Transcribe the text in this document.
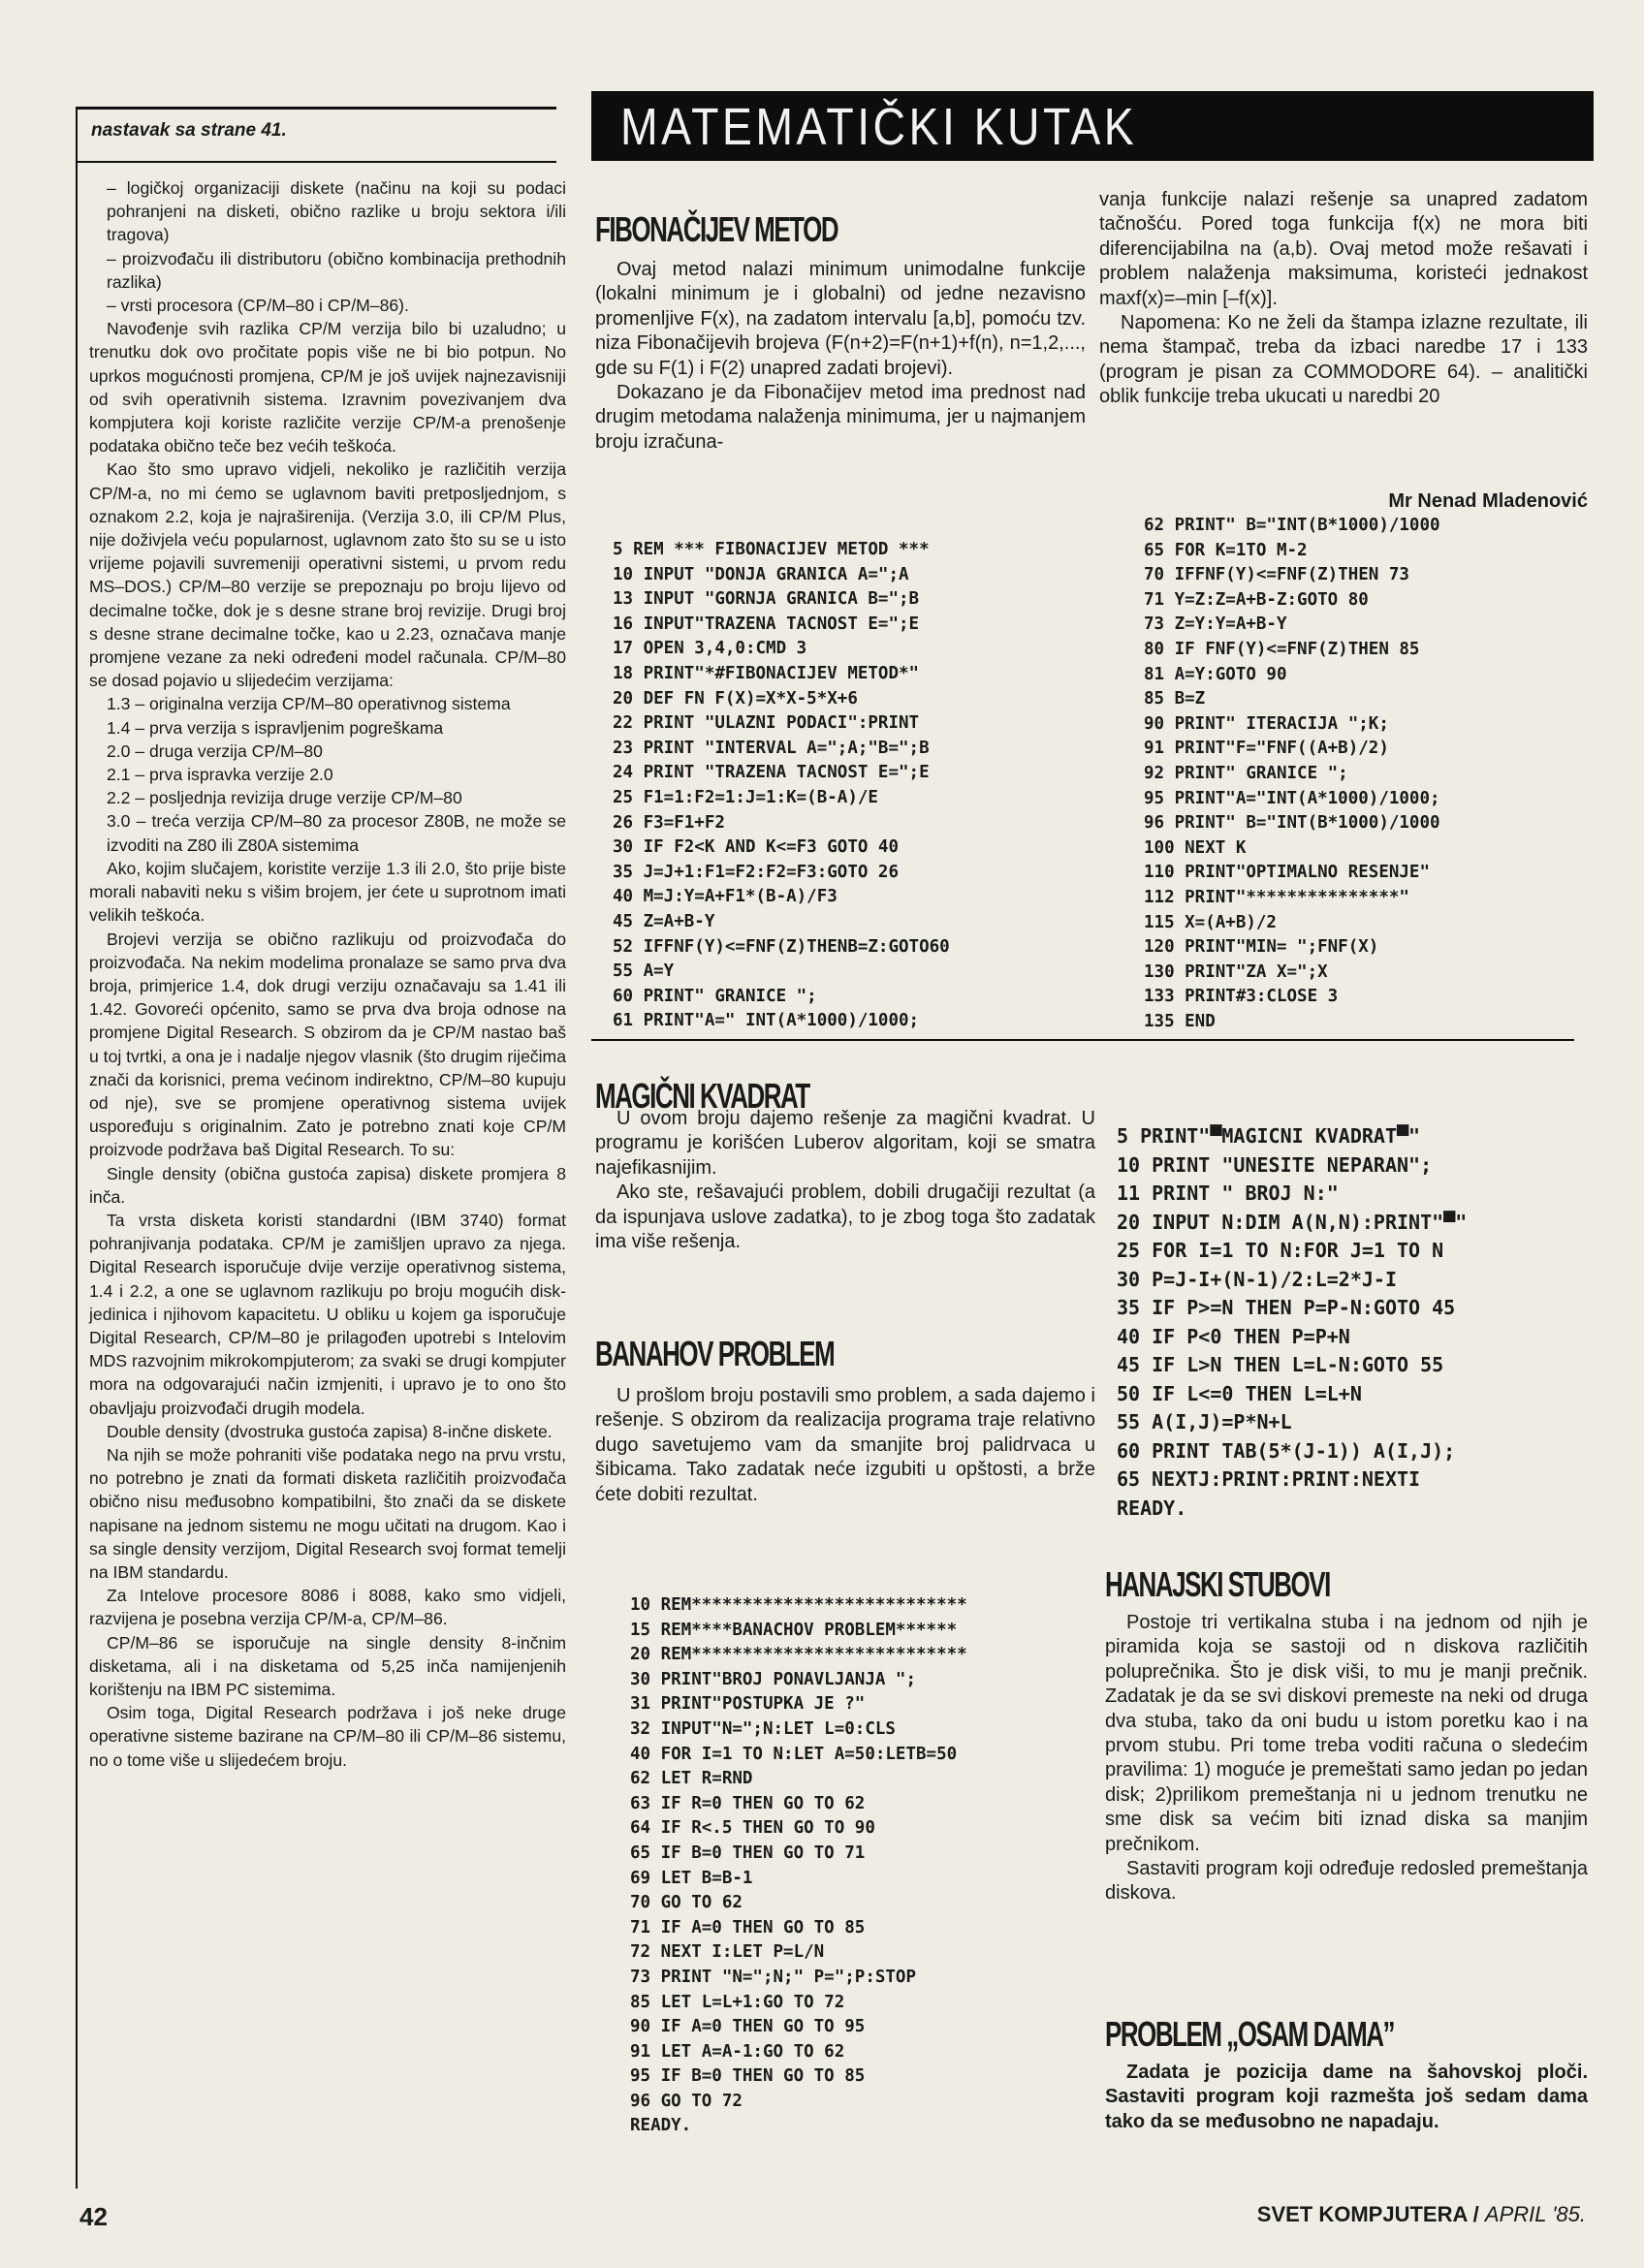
nastavak sa strane 41.

– logičkoj organizaciji diskete (načinu na koji su podaci pohranjeni na disketi, obično razlike u broju sektora i/ili tragova)

– proizvođaču ili distributoru (obično kombinacija prethodnih razlika)

– vrsti procesora (CP/M–80 i CP/M–86).

Navođenje svih razlika CP/M verzija bilo bi uzaludno; u trenutku dok ovo pročitate popis više ne bi bio potpun. No uprkos mogućnosti promjena, CP/M je još uvijek najnezavisniji od svih operativnih sistema. Izravnim povezivanjem dva kompjutera koji koriste različite verzije CP/M-a prenošenje podataka obično teče bez većih teškoća.

Kao što smo upravo vidjeli, nekoliko je različitih verzija CP/M-a, no mi ćemo se uglavnom baviti pretposljednjom, s oznakom 2.2, koja je najraširenija. (Verzija 3.0, ili CP/M Plus, nije doživjela veću popularnost, uglavnom zato što su se u isto vrijeme pojavili suvremeniji operativni sistemi, u prvom redu MS–DOS.) CP/M–80 verzije se prepoznaju po broju lijevo od decimalne točke, dok je s desne strane broj revizije. Drugi broj s desne strane decimalne točke, kao u 2.23, označava manje promjene vezane za neki određeni model računala. CP/M–80 se dosad pojavio u slijedećim verzijama:

1.3 – originalna verzija CP/M–80 operativnog sistema

1.4 – prva verzija s ispravljenim pogreškama

2.0 – druga verzija CP/M–80

2.1 – prva ispravka verzije 2.0

2.2 – posljednja revizija druge verzije CP/M–80

3.0 – treća verzija CP/M–80 za procesor Z80B, ne može se izvoditi na Z80 ili Z80A sistemima

Ako, kojim slučajem, koristite verzije 1.3 ili 2.0, što prije biste morali nabaviti neku s višim brojem, jer ćete u suprotnom imati velikih teškoća.

Brojevi verzija se obično razlikuju od proizvođača do proizvođača. Na nekim modelima pronalaze se samo prva dva broja, primjerice 1.4, dok drugi verziju označavaju sa 1.41 ili 1.42. Govoreći općenito, samo se prva dva broja odnose na promjene Digital Research. S obzirom da je CP/M nastao baš u toj tvrtki, a ona je i nadalje njegov vlasnik (što drugim riječima znači da korisnici, prema većinom indirektno, CP/M–80 kupuju od nje), sve se promjene operativnog sistema uvijek uspoređuju s originalnim. Zato je potrebno znati koje CP/M proizvode podržava baš Digital Research. To su:

Single density (obična gustoća zapisa) diskete promjera 8 inča.

Ta vrsta disketa koristi standardni (IBM 3740) format pohranjivanja podataka. CP/M je zamišljen upravo za njega. Digital Research isporučuje dvije verzije operativnog sistema, 1.4 i 2.2, a one se uglavnom razlikuju po broju mogućih disk-jedinica i njihovom kapacitetu. U obliku u kojem ga isporučuje Digital Research, CP/M–80 je prilagođen upotrebi s Intelovim MDS razvojnim mikrokompjuterom; za svaki se drugi kompjuter mora na odgovarajući način izmjeniti, i upravo je to ono što obavljaju proizvođači drugih modela.

Double density (dvostruka gustoća zapisa) 8-inčne diskete.

Na njih se može pohraniti više podataka nego na prvu vrstu, no potrebno je znati da formati disketa različitih proizvođača obično nisu međusobno kompatibilni, što znači da se diskete napisane na jednom sistemu ne mogu učitati na drugom. Kao i sa single density verzijom, Digital Research svoj format temelji na IBM standardu.

Za Intelove procesore 8086 i 8088, kako smo vidjeli, razvijena je posebna verzija CP/M-a, CP/M–86.

CP/M–86 se isporučuje na single density 8-inčnim disketama, ali i na disketama od 5,25 inča namijenjenih korištenju na IBM PC sistemima.

Osim toga, Digital Research podržava i još neke druge operativne sisteme bazirane na CP/M–80 ili CP/M–86 sistemu, no o tome više u slijedećem broju.

MATEMATIČKI KUTAK
FIBONAČIJEV METOD

Ovaj metod nalazi minimum unimodalne funkcije (lokalni minimum je i globalni) od jedne nezavisno promenljive F(x), na zadatom intervalu [a,b], pomoću tzv. niza Fibonačijevih brojeva (F(n+2)=F(n+1)+f(n), n=1,2,..., gde su F(1) i F(2) unapred zadati brojevi).

Dokazano je da Fibonačijev metod ima prednost nad drugim metodama nalaženja minimuma, jer u najmanjem broju izračuna-

vanja funkcije nalazi rešenje sa unapred zadatom tačnošću. Pored toga funkcija f(x) ne mora biti diferencijabilna na (a,b). Ovaj metod može rešavati i problem nalaženja maksimuma, koristeći jednakost maxf(x)=–min [–f(x)].

Napomena: Ko ne želi da štampa izlazne rezultate, ili nema štampač, treba da izbaci naredbe 17 i 133 (program je pisan za COMMODORE 64). – analitički oblik funkcije treba ukucati u naredbi 20

Mr Nenad Mladenović
5 REM *** FIBONACIJEV METOD ***
10 INPUT "DONJA GRANICA A=";A
13 INPUT "GORNJA GRANICA B=";B
16 INPUT"TRAZENA TACNOST E=";E
17 OPEN 3,4,0:CMD 3
18 PRINT"*#FIBONACIJEV METOD*"
20 DEF FN F(X)=X*X-5*X+6
22 PRINT "ULAZNI PODACI":PRINT
23 PRINT "INTERVAL A=";A;"B=";B
24 PRINT "TRAZENA TACNOST E=";E
25 F1=1:F2=1:J=1:K=(B-A)/E
26 F3=F1+F2
30 IF F2<K AND K<=F3 GOTO 40
35 J=J+1:F1=F2:F2=F3:GOTO 26
40 M=J:Y=A+F1*(B-A)/F3
45 Z=A+B-Y
52 IFFNF(Y)<=FNF(Z)THENB=Z:GOTO60
55 A=Y
60 PRINT" GRANICE ";
61 PRINT"A=" INT(A*1000)/1000;
62 PRINT" B="INT(B*1000)/1000
65 FOR K=1TO M-2
70 IFFNF(Y)<=FNF(Z)THEN 73
71 Y=Z:Z=A+B-Z:GOTO 80
73 Z=Y:Y=A+B-Y
80 IF FNF(Y)<=FNF(Z)THEN 85
81 A=Y:GOTO 90
85 B=Z
90 PRINT" ITERACIJA ";K;
91 PRINT"F="FNF((A+B)/2)
92 PRINT" GRANICE ";
95 PRINT"A="INT(A*1000)/1000;
96 PRINT" B="INT(B*1000)/1000
100 NEXT K
110 PRINT"OPTIMALNO RESENJE"
112 PRINT"***************"
115 X=(A+B)/2
120 PRINT"MIN= ";FNF(X)
130 PRINT"ZA X=";X
133 PRINT#3:CLOSE 3
135 END
MAGIČNI KVADRAT

U ovom broju dajemo rešenje za magični kvadrat. U programu je korišćen Luberov algoritam, koji se smatra najefikasnijim.

Ako ste, rešavajući problem, dobili drugačiji rezultat (a da ispunjava uslove zadatka), to je zbog toga što zadatak ima više rešenja.

5 PRINT"▀MAGICNI KVADRAT▀"
10 PRINT "UNESITE NEPARAN";
11 PRINT " BROJ N:"
20 INPUT N:DIM A(N,N):PRINT"▀"
25 FOR I=1 TO N:FOR J=1 TO N
30 P=J-I+(N-1)/2:L=2*J-I
35 IF P>=N THEN P=P-N:GOTO 45
40 IF P<0 THEN P=P+N
45 IF L>N THEN L=L-N:GOTO 55
50 IF L<=0 THEN L=L+N
55 A(I,J)=P*N+L
60 PRINT TAB(5*(J-1)) A(I,J);
65 NEXTJ:PRINT:PRINT:NEXTI
READY.
BANAHOV PROBLEM

U prošlom broju postavili smo problem, a sada dajemo i rešenje. S obzirom da realizacija programa traje relativno dugo savetujemo vam da smanjite broj palidrvaca u šibicama. Tako zadatak neće izgubiti u opštosti, a brže ćete dobiti rezultat.

10 REM***************************
15 REM****BANACHOV PROBLEM******
20 REM***************************
30 PRINT"BROJ PONAVLJANJA ";
31 PRINT"POSTUPKA JE ?"
32 INPUT"N=";N:LET L=0:CLS
40 FOR I=1 TO N:LET A=50:LETB=50
62 LET R=RND
63 IF R=0 THEN GO TO 62
64 IF R<.5 THEN GO TO 90
65 IF B=0 THEN GO TO 71
69 LET B=B-1
70 GO TO 62
71 IF A=0 THEN GO TO 85
72 NEXT I:LET P=L/N
73 PRINT "N=";N;" P=";P:STOP
85 LET L=L+1:GO TO 72
90 IF A=0 THEN GO TO 95
91 LET A=A-1:GO TO 62
95 IF B=0 THEN GO TO 85
96 GO TO 72
READY.
HANAJSKI STUBOVI

Postoje tri vertikalna stuba i na jednom od njih je piramida koja se sastoji od n diskova različitih poluprečnika. Što je disk viši, to mu je manji prečnik. Zadatak je da se svi diskovi premeste na neki od druga dva stuba, tako da oni budu u istom poretku kao i na prvom stubu. Pri tome treba voditi računa o sledećim pravilima: 1) moguće je premeštati samo jedan po jedan disk; 2)prilikom premeštanja ni u jednom trenutku ne sme disk sa većim biti iznad diska sa manjim prečnikom.

Sastaviti program koji određuje redosled premeštanja diskova.

PROBLEM „OSAM DAMA”
Zadata je pozicija dame na šahovskoj ploči. Sastaviti program koji razmešta još sedam dama tako da se međusobno ne napadaju.
42	SVET KOMPJUTERA / APRIL '85.
